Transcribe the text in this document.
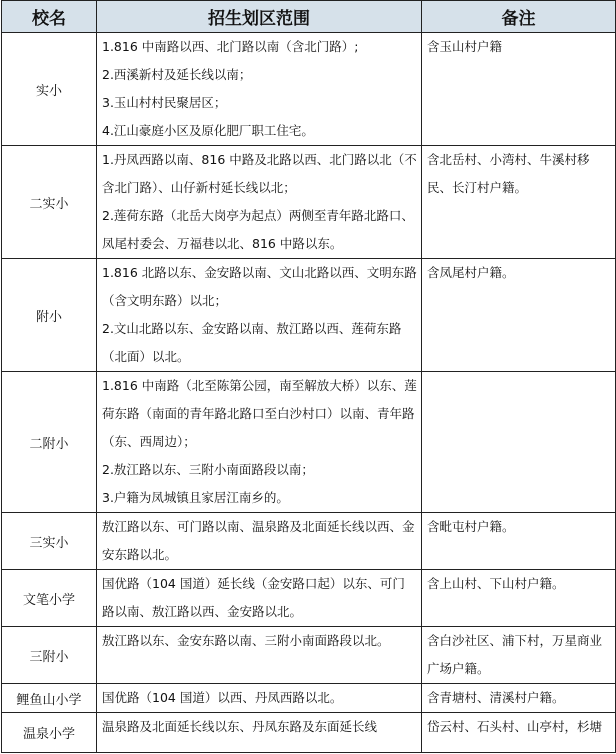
校名	招生划区范围	备注
实小	1.816 中南路以西、北门路以南（含北门路）;
2.西溪新村及延长线以南；
3.玉山村村民聚居区；
4.江山豪庭小区及原化肥厂职工住宅。	含玉山村户籍
二实小	1.丹凤西路以南、816 中路及北路以西、北门路以北（不含北门路）、山仔新村延长线以北；
2.莲荷东路（北岳大岗亭为起点）两侧至青年路北路口、凤尾村委会、万福巷以北、816 中路以东。	含北岳村、小湾村、牛溪村移民、长汀村户籍。
附小	1.816 北路以东、金安路以南、文山北路以西、文明东路（含文明东路）以北；
2.文山北路以东、金安路以南、敖江路以西、莲荷东路（北面）以北。	含凤尾村户籍。
二附小	1.816 中南路（北至陈第公园，南至解放大桥）以东、莲荷东路（南面的青年路北路口至白沙村口）以南、青年路（东、西周边）；
2.敖江路以东、三附小南面路段以南；
3.户籍为凤城镇且家居江南乡的。	

三实小	敖江路以东、可门路以南、温泉路及北面延长线以西、金安东路以北。	含毗屯村户籍。
文笔小学	国优路（104 国道）延长线（金安路口起）以东、可门路以南、敖江路以西、金安路以北。	含上山村、下山村户籍。
三附小	敖江路以东、金安东路以南、三附小南面路段以北。	含白沙社区、浦下村，万星商业广场户籍。
鲤鱼山小学	国优路（104 国道）以西、丹凤西路以北。	含青塘村、清溪村户籍。
温泉小学	温泉路及北面延长线以东、丹凤东路及东面延长线	岱云村、石头村、山亭村，杉塘
